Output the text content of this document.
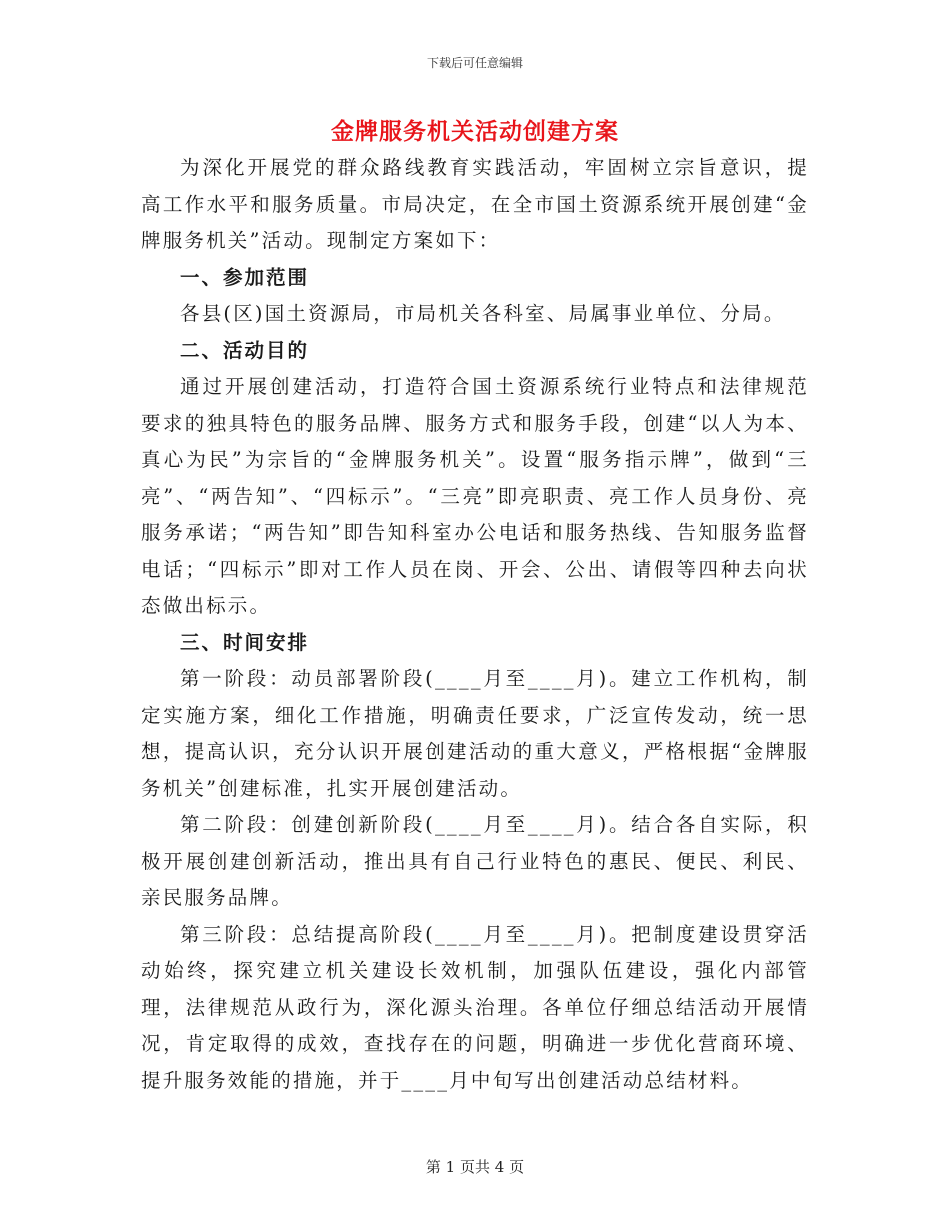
下载后可任意编辑
金牌服务机关活动创建方案

为深化开展党的群众路线教育实践活动，牢固树立宗旨意识，提高工作水平和服务质量。市局决定，在全市国土资源系统开展创建“金牌服务机关”活动。现制定方案如下：

一、参加范围

各县(区)国土资源局，市局机关各科室、局属事业单位、分局。

二、活动目的

通过开展创建活动，打造符合国土资源系统行业特点和法律规范要求的独具特色的服务品牌、服务方式和服务手段，创建“以人为本、真心为民”为宗旨的“金牌服务机关”。设置“服务指示牌”，做到“三亮”、“两告知”、“四标示”。“三亮”即亮职责、亮工作人员身份、亮服务承诺；“两告知”即告知科室办公电话和服务热线、告知服务监督电话；“四标示”即对工作人员在岗、开会、公出、请假等四种去向状态做出标示。

三、时间安排

第一阶段：动员部署阶段(____月至____月)。建立工作机构，制定实施方案，细化工作措施，明确责任要求，广泛宣传发动，统一思想，提高认识，充分认识开展创建活动的重大意义，严格根据“金牌服务机关”创建标准，扎实开展创建活动。

第二阶段：创建创新阶段(____月至____月)。结合各自实际，积极开展创建创新活动，推出具有自己行业特色的惠民、便民、利民、亲民服务品牌。

第三阶段：总结提高阶段(____月至____月)。把制度建设贯穿活动始终，探究建立机关建设长效机制，加强队伍建设，强化内部管理，法律规范从政行为，深化源头治理。各单位仔细总结活动开展情况，肯定取得的成效，查找存在的问题，明确进一步优化营商环境、提升服务效能的措施，并于____月中旬写出创建活动总结材料。

第 1 页共 4 页
